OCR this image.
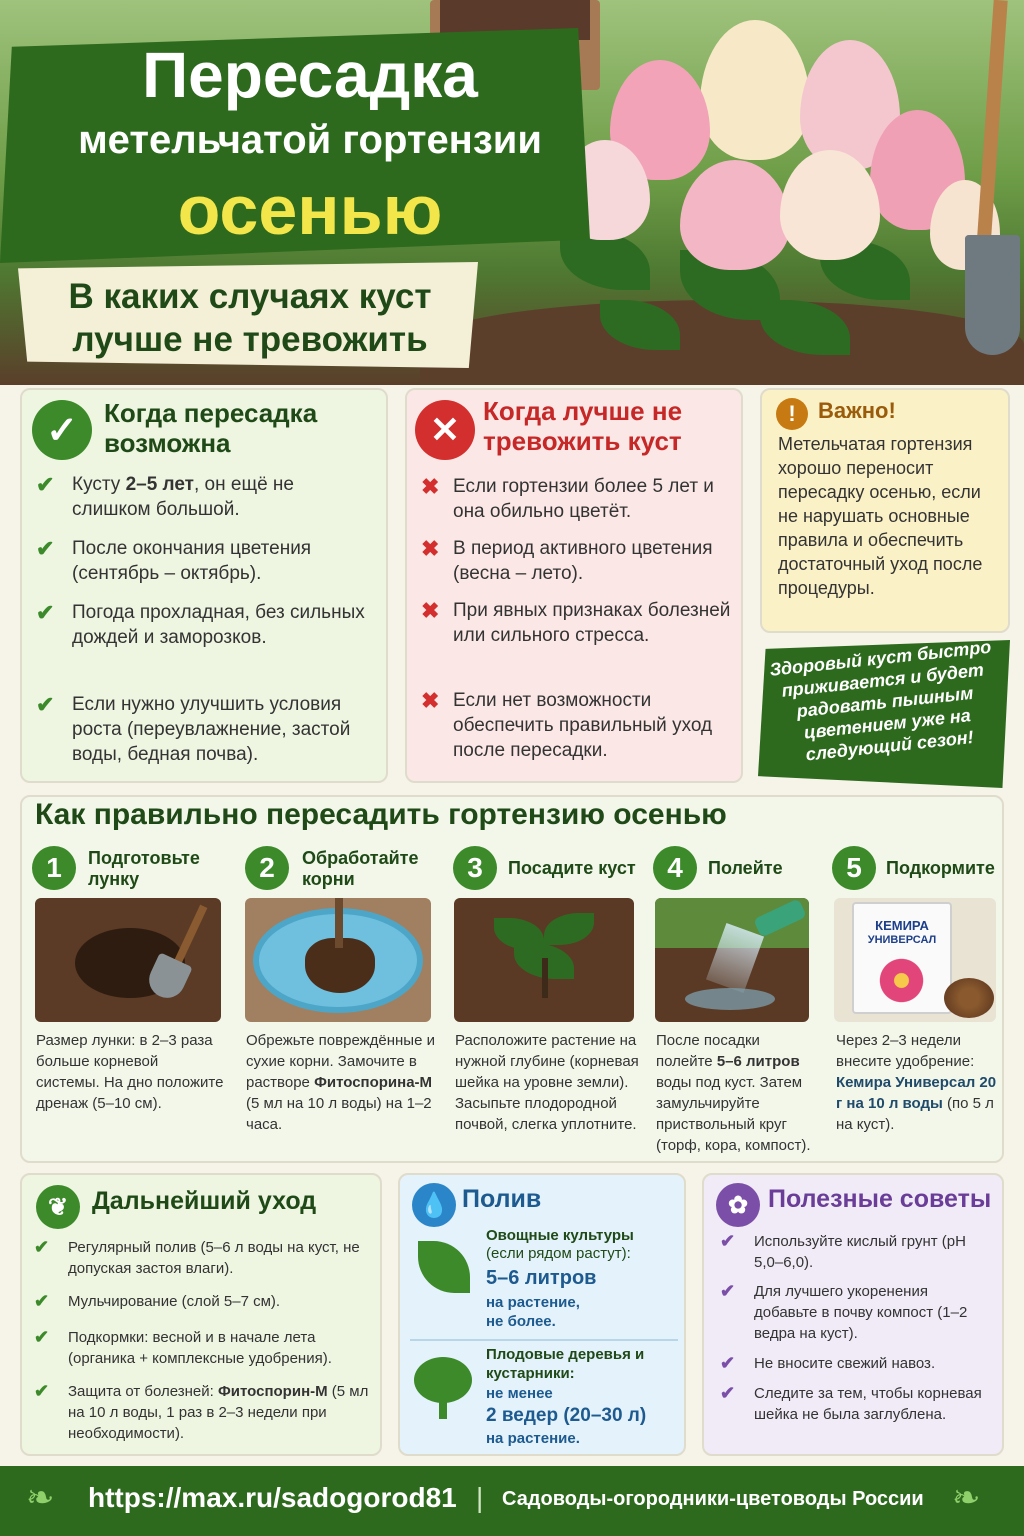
Пересадка
метельчатой гортензии
осенью
В каких случаях куст лучше не тревожить
✓	Когда пересадка возможна
Кусту 2–5 лет, он ещё не слишком большой.
После окончания цветения (сентябрь – октябрь).
Погода прохладная, без сильных дождей и заморозков.
Если нужно улучшить условия роста (переувлажнение, застой воды, бедная почва).
✔
✔
✔
✔
✕ Когда лучше не тревожить куст
Если гортензии более 5 лет и она обильно цветёт.
В период активного цветения (весна – лето).
При явных признаках болезней или сильного стресса.
Если нет возможности обеспечить правильный уход после пересадки.
✖
✖
✖
✖
!	Важно!
Метельчатая гортензия хорошо переносит пересадку осенью, если не нарушать основные правила и обеспечить достаточный уход после процедуры.
Здоровый куст быстро приживается и будет радовать пышным цветением уже на следующий сезон!
Как правильно пересадить гортензию осенью
1	Подготовьте лунку
Размер лунки: в 2–3 раза больше корневой системы. На дно положите дренаж (5–10 см).
2	Обработайте корни
Обрежьте повреждённые и сухие корни. Замочите в растворе Фитоспорина-М (5 мл на 10 л воды) на 1–2 часа.
3	Посадите куст
Расположите растение на нужной глубине (корневая шейка на уровне земли). Засыпьте плодородной почвой, слегка уплотните.
4	Полейте
После посадки полейте 5–6 литров воды под куст. Затем замульчируйте приствольный круг (торф, кора, компост).
5	Подкормите
КЕМИРА
УНИВЕРСАЛ
Через 2–3 недели внесите удобрение: Кемира Универсал 20 г на 10 л воды (по 5 л на куст).
❦ Дальнейший уход
Регулярный полив (5–6 л воды на куст, не допуская застоя влаги).
Мульчирование (слой 5–7 см).
Подкормки: весной и в начале лета (органика + комплексные удобрения).
Защита от болезней: Фитоспорин-М (5 мл на 10 л воды, 1 раз в 2–3 недели при необходимости).
✔
✔
✔
✔
💧 Полив
Овощные культуры
(если рядом растут):
5–6 литров
на растение, не более.
Плодовые деревья и кустарники:
не менее
2 ведер (20–30 л)
на растение.
✿ Полезные советы
Используйте кислый грунт (pH 5,0–6,0).
Для лучшего укоренения добавьте в почву компост (1–2 ведра на куст).
Не вносите свежий навоз.
Следите за тем, чтобы корневая шейка не была заглублена.
✔
✔
✔
✔
❧	https://max.ru/sadogorod81 | Садоводы-огородники-цветоводы России ❧
